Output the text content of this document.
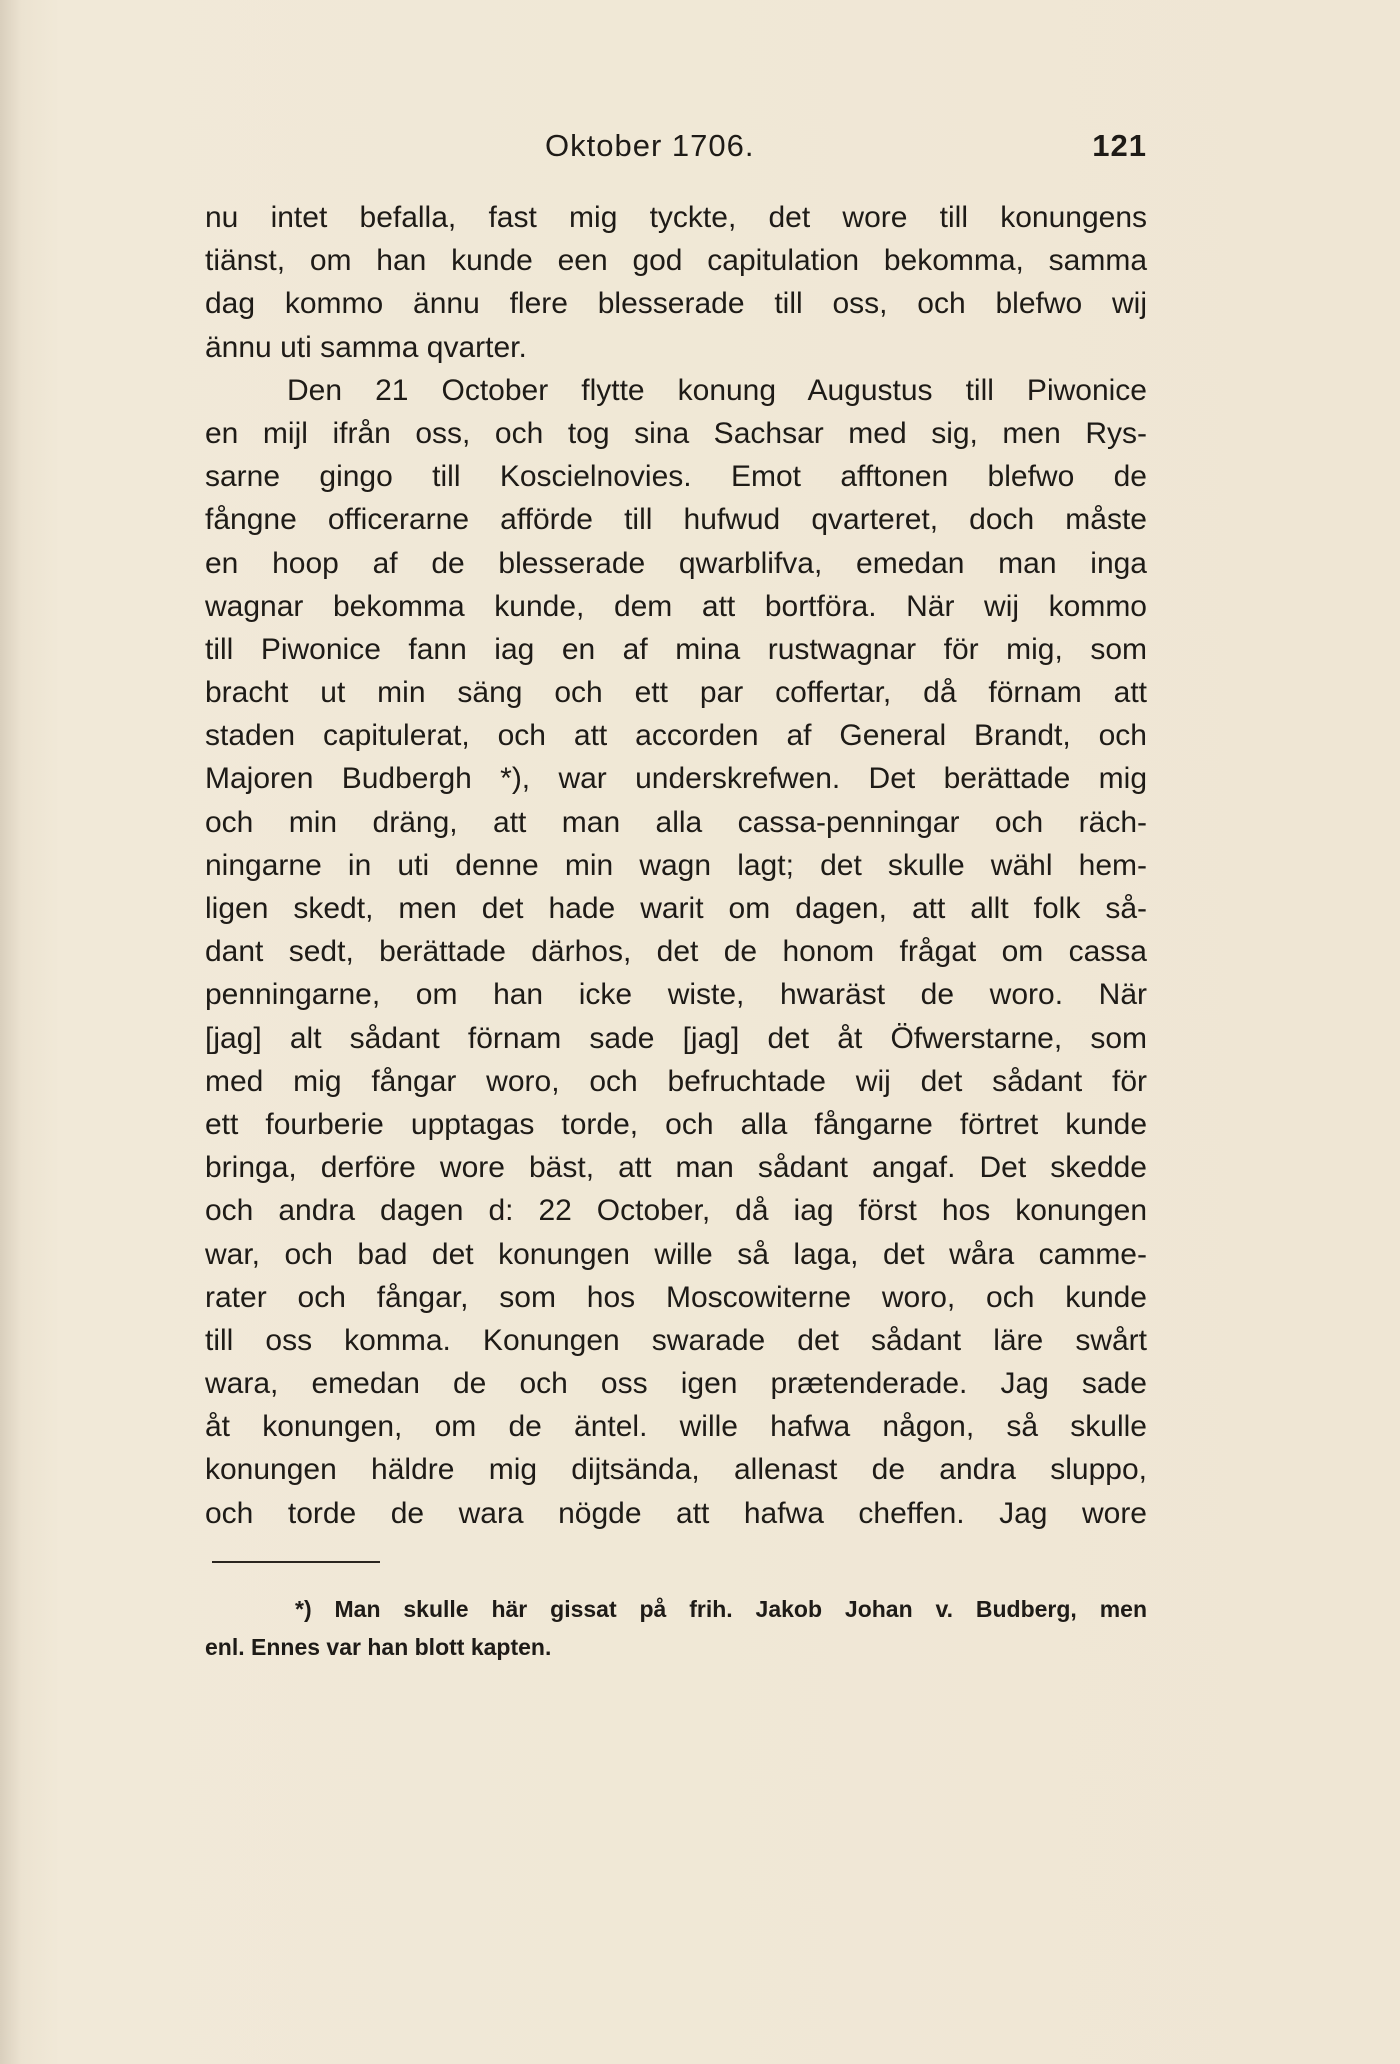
Oktober 1706.	121
nu intet befalla, fast mig tyckte, det wore till konungens
tiänst, om han kunde een god capitulation bekomma, samma
dag kommo ännu flere blesserade till oss, och blefwo wij
ännu uti samma qvarter.
Den 21 October flytte konung Augustus till Piwonice
en mijl ifrån oss, och tog sina Sachsar med sig, men Rys-
sarne gingo till Koscielnovies. Emot afftonen blefwo de
fångne officerarne afförde till hufwud qvarteret, doch måste
en hoop af de blesserade qwarblifva, emedan man inga
wagnar bekomma kunde, dem att bortföra. När wij kommo
till Piwonice fann iag en af mina rustwagnar för mig, som
bracht ut min säng och ett par coffertar, då förnam att
staden capitulerat, och att accorden af General Brandt, och
Majoren Budbergh *), war underskrefwen. Det berättade mig
och min dräng, att man alla cassa-penningar och räch-
ningarne in uti denne min wagn lagt; det skulle wähl hem-
ligen skedt, men det hade warit om dagen, att allt folk så-
dant sedt, berättade därhos, det de honom frågat om cassa
penningarne, om han icke wiste, hwaräst de woro. När
[jag] alt sådant förnam sade [jag] det åt Öfwerstarne, som
med mig fångar woro, och befruchtade wij det sådant för
ett fourberie upptagas torde, och alla fångarne förtret kunde
bringa, derföre wore bäst, att man sådant angaf. Det skedde
och andra dagen d: 22 October, då iag först hos konungen
war, och bad det konungen wille så laga, det wåra camme-
rater och fångar, som hos Moscowiterne woro, och kunde
till oss komma. Konungen swarade det sådant läre swårt
wara, emedan de och oss igen prætenderade. Jag sade
åt konungen, om de äntel. wille hafwa någon, så skulle
konungen häldre mig dijtsända, allenast de andra sluppo,
och torde de wara nögde att hafwa cheffen. Jag wore
*) Man skulle här gissat på frih. Jakob Johan v. Budberg, men
enl. Ennes var han blott kapten.
